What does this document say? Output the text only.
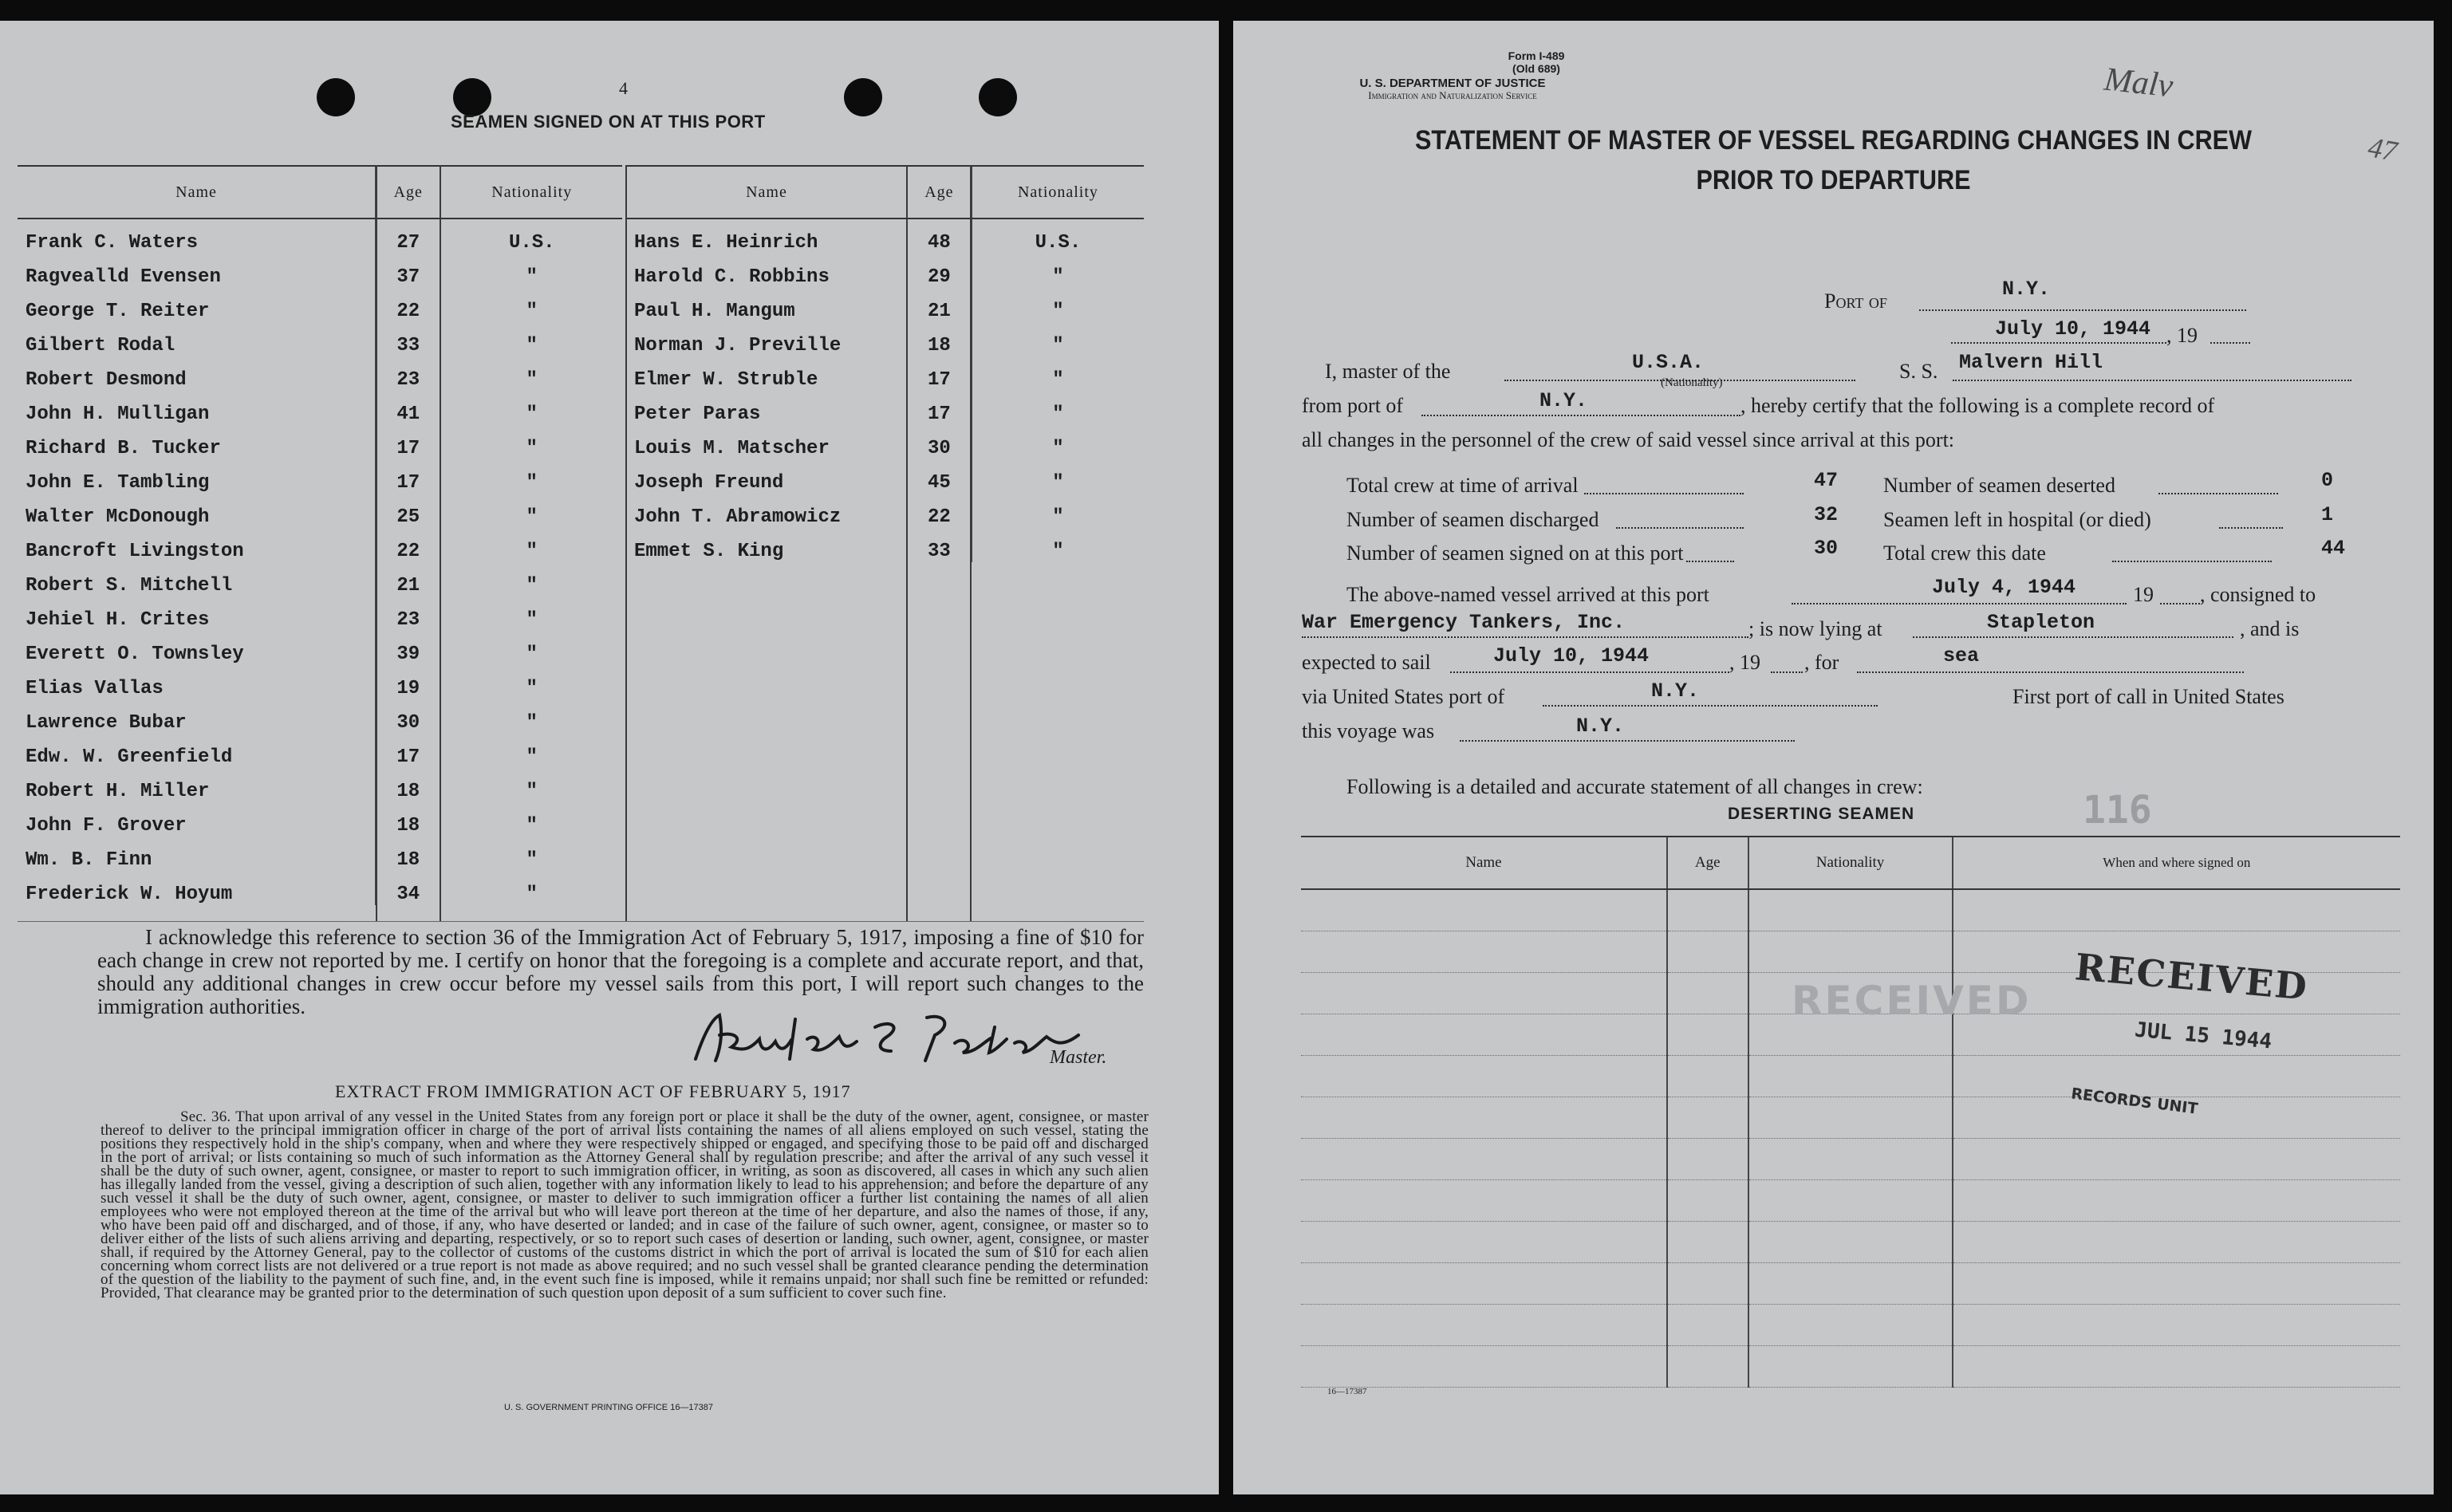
4
SEAMEN SIGNED ON AT THIS PORT
Name	Age	Nationality
Frank C. Waters	27	U.S.
Ragvealld Evensen	37	"
George T. Reiter	22	"
Gilbert Rodal	33	"
Robert Desmond	23	"
John H. Mulligan	41	"
Richard B. Tucker	17	"
John E. Tambling	17	"
Walter McDonough	25	"
Bancroft Livingston	22	"
Robert S. Mitchell	21	"
Jehiel H. Crites	23	"
Everett O. Townsley	39	"
Elias Vallas	19	"
Lawrence Bubar	30	"
Edw. W. Greenfield	17	"
Robert H. Miller	18	"
John F. Grover	18	"
Wm. B. Finn	18	"
Frederick W. Hoyum	34	"
Name	Age	Nationality
Hans E. Heinrich	48	U.S.
Harold C. Robbins	29	"
Paul H. Mangum	21	"
Norman J. Preville	18	"
Elmer W. Struble	17	"
Peter Paras	17	"
Louis M. Matscher	30	"
Joseph Freund	45	"
John T. Abramowicz	22	"
Emmet S. King	33	"
I acknowledge this reference to section 36 of the Immigration Act of February 5, 1917, imposing a fine of $10 for each change in crew not reported by me. I certify on honor that the foregoing is a complete and accurate report, and that, should any additional changes in crew occur before my vessel sails from this port, I will report such changes to the immigration authorities.
Master.
EXTRACT FROM IMMIGRATION ACT OF FEBRUARY 5, 1917
Sec. 36. That upon arrival of any vessel in the United States from any foreign port or place it shall be the duty of the owner, agent, consignee, or master thereof to deliver to the principal immigration officer in charge of the port of arrival lists containing the names of all aliens employed on such vessel, stating the positions they respectively hold in the ship's company, when and where they were respectively shipped or engaged, and specifying those to be paid off and discharged in the port of arrival; or lists containing so much of such information as the Attorney General shall by regulation prescribe; and after the arrival of any such vessel it shall be the duty of such owner, agent, consignee, or master to report to such immigration officer, in writing, as soon as discovered, all cases in which any such alien has illegally landed from the vessel, giving a description of such alien, together with any information likely to lead to his apprehension; and before the departure of any such vessel it shall be the duty of such owner, agent, consignee, or master to deliver to such immigration officer a further list containing the names of all alien employees who were not employed thereon at the time of the arrival but who will leave port thereon at the time of her departure, and also the names of those, if any, who have been paid off and discharged, and of those, if any, who have deserted or landed; and in case of the failure of such owner, agent, consignee, or master so to deliver either of the lists of such aliens arriving and departing, respectively, or so to report such cases of desertion or landing, such owner, agent, consignee, or master shall, if required by the Attorney General, pay to the collector of customs of the customs district in which the port of arrival is located the sum of $10 for each alien concerning whom correct lists are not delivered or a true report is not made as above required; and no such vessel shall be granted clearance pending the determination of the question of the liability to the payment of such fine, and, in the event such fine is imposed, while it remains unpaid; nor shall such fine be remitted or refunded: Provided, That clearance may be granted prior to the determination of such question upon deposit of a sum sufficient to cover such fine.
U. S. GOVERNMENT PRINTING OFFICE 16—17387
Form I-489
(Old 689)
U. S. DEPARTMENT OF JUSTICE
Immigration and Naturalization Service	Malv
47
STATEMENT OF MASTER OF VESSEL REGARDING CHANGES IN CREW
PRIOR TO DEPARTURE
Port of
N.Y.
July 10, 1944 , 19
I, master of the	U.S.A.
(Nationality)	S. S. Malvern Hill
from port of	N.Y.	, hereby certify that the following is a complete record of
all changes in the personnel of the crew of said vessel since arrival at this port:
Total crew at time of arrival	47
Number of seamen discharged	32
Number of seamen signed on at this port	30
Number of seamen deserted	0
Seamen left in hospital (or died)	1
Total crew this date	44
The above-named vessel arrived at this port	July 4, 1944	19 , consigned to
War Emergency Tankers, Inc.	; is now lying at	Stapleton	, and is
expected to sail	July 10, 1944	, 19 , for	sea
via United States port of	N.Y.	First port of call in United States
this voyage was	N.Y.
Following is a detailed and accurate statement of all changes in crew:
DESERTING SEAMEN	116
Name	Age	Nationality	When and where signed on

RECEIVED RECEIVED
JUL 15 1944
RECORDS UNIT
16—17387
